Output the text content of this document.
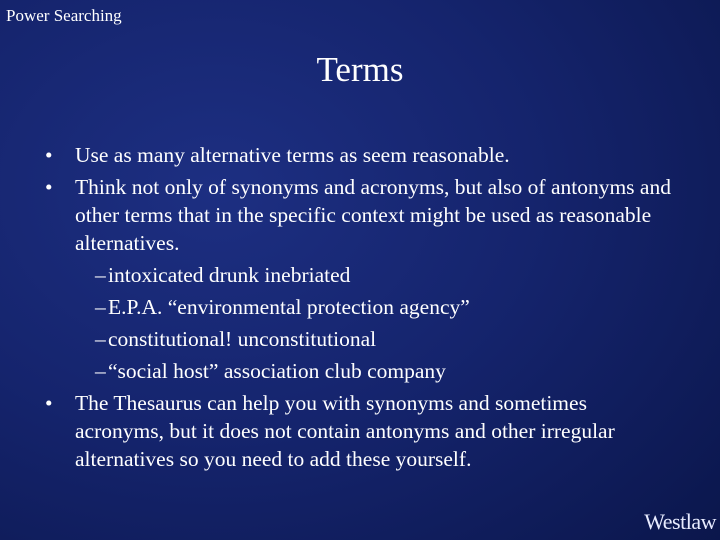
Power Searching
Terms
• Use as many alternative terms as seem reasonable.
• Think not only of synonyms and acronyms, but also of antonyms and other terms that in the specific context might be used as reasonable alternatives.
– intoxicated drunk inebriated
– E.P.A. “environmental protection agency”
– constitutional! unconstitutional
– “social host” association club company
• The Thesaurus can help you with synonyms and sometimes acronyms, but it does not contain antonyms and other irregular alternatives so you need to add these yourself.
Westlaw
